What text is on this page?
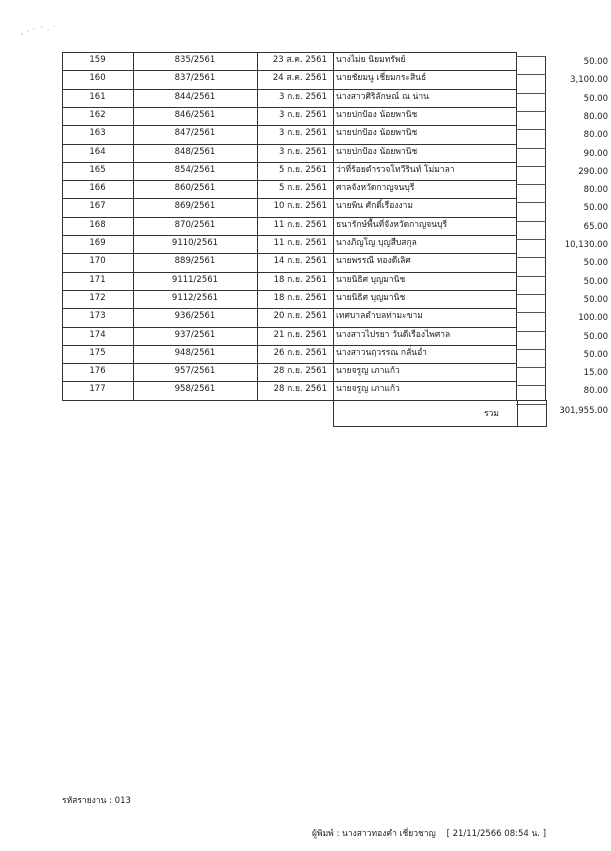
159	835/2561	23 ส.ค. 2561	นางไม่ย นิยมทรัพย์	50.00
160	837/2561	24 ส.ค. 2561	นายชัยมนู เชี่ยมกระสินธ์	3,100.00
161	844/2561	3 ก.ย. 2561	นางสาวศิริลักษณ์ ณ น่าน	50.00
162	846/2561	3 ก.ย. 2561	นายปกป้อง น้อยพานิช	80.00
163	847/2561	3 ก.ย. 2561	นายปกป้อง น้อยพานิช	80.00
164	848/2561	3 ก.ย. 2561	นายปกป้อง น้อยพานิช	90.00
165	854/2561	5 ก.ย. 2561	ว่าที่ร้อยตำรวจโทวีรินท์ โม่มาลา	290.00
166	860/2561	5 ก.ย. 2561	ศาลจังหวัดกาญจนบุรี	80.00
167	869/2561	10 ก.ย. 2561	นายพิน ศักดิ์เรืองงาม	50.00
168	870/2561	11 ก.ย. 2561	ธนารักษ์พื้นที่จังหวัดกาญจนบุรี	65.00
169	9110/2561	11 ก.ย. 2561	นางภิญโญ บุญสืบสกุล	10,130.00
170	889/2561	14 ก.ย. 2561	นายพรรณี ทองดีเลิศ	50.00
171	9111/2561	18 ก.ย. 2561	นายนิธิศ บุญมานิช	50.00
172	9112/2561	18 ก.ย. 2561	นายนิธิศ บุญมานิช	50.00
173	936/2561	20 ก.ย. 2561	เทศบาลตำบลท่ามะขาม	100.00
174	937/2561	21 ก.ย. 2561	นางสาวไปรยา วันดีเรืองไพศาล	50.00
175	948/2561	26 ก.ย. 2561	นางสาวนฤวรรณ กลั่นอ่ำ	50.00
176	957/2561	28 ก.ย. 2561	นายจรูญ เภาแก้ว	15.00
177	958/2561	28 ก.ย. 2561	นายจรูญ เภาแก้ว	80.00
รวม	301,955.00
รหัสรายงาน : 013
ผู้พิมพ์ : นางสาวทองคำ เชี่ยวชาญ [ 21/11/2566 08:54 น. ]
